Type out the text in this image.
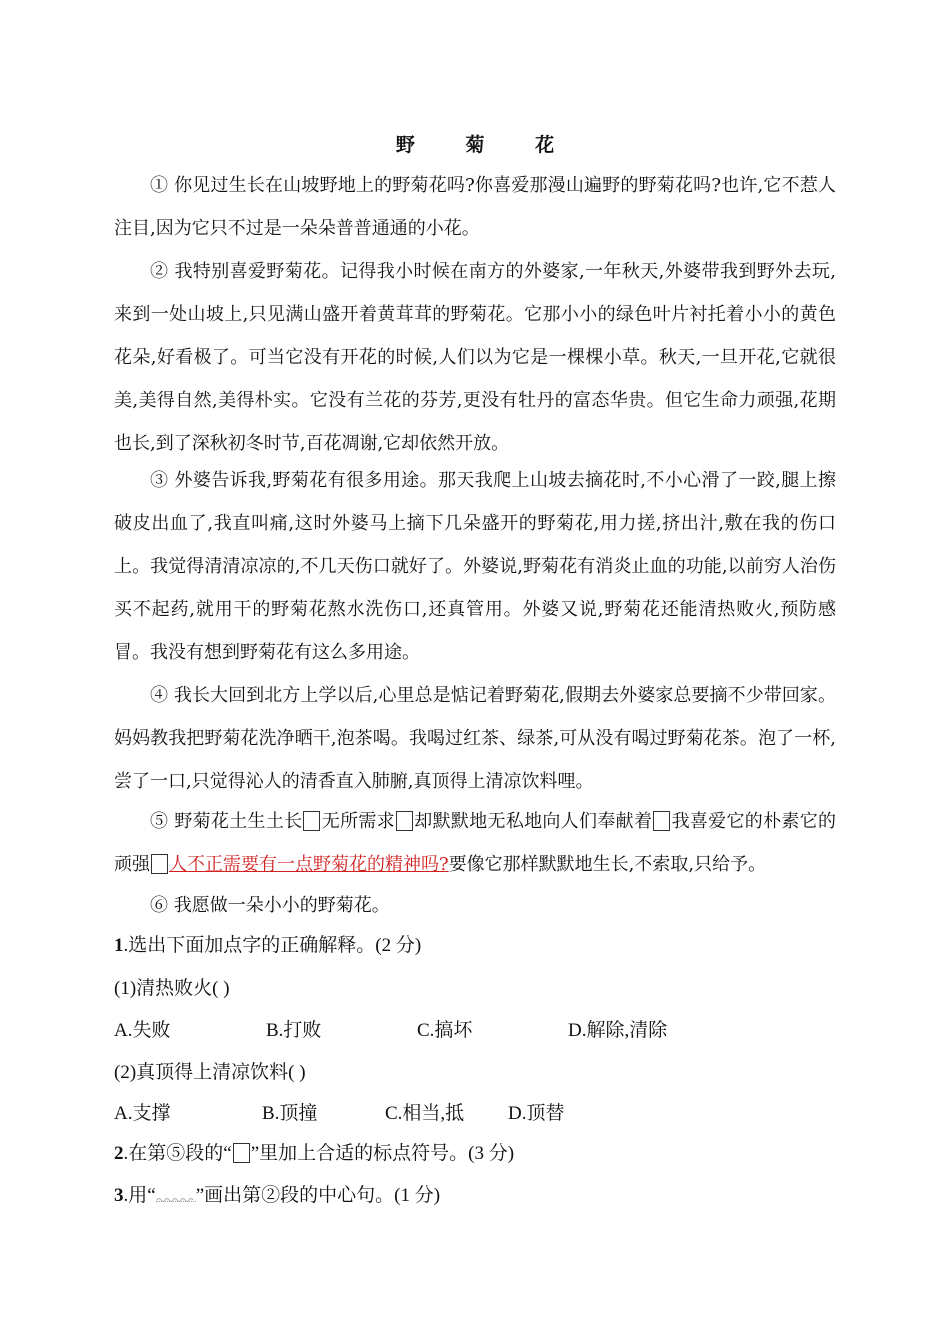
野 菊 花
① 你见过生长在山坡野地上的野菊花吗?你喜爱那漫山遍野的野菊花吗?也许,它不惹人注目,因为它只不过是一朵朵普普通通的小花。
② 我特别喜爱野菊花。记得我小时候在南方的外婆家,一年秋天,外婆带我到野外去玩,来到一处山坡上,只见满山盛开着黄茸茸的野菊花。它那小小的绿色叶片衬托着小小的黄色花朵,好看极了。可当它没有开花的时候,人们以为它是一棵棵小草。秋天,一旦开花,它就很美,美得自然,美得朴实。它没有兰花的芬芳,更没有牡丹的富态华贵。但它生命力顽强,花期也长,到了深秋初冬时节,百花凋谢,它却依然开放。
③ 外婆告诉我,野菊花有很多用途。那天我爬上山坡去摘花时,不小心滑了一跤,腿上擦破皮出血了,我直叫痛,这时外婆马上摘下几朵盛开的野菊花,用力搓,挤出汁,敷在我的伤口上。我觉得清清凉凉的,不几天伤口就好了。外婆说,野菊花有消炎止血的功能,以前穷人治伤买不起药,就用干的野菊花熬水洗伤口,还真管用。外婆又说,野菊花还能清热败火,预防感冒。我没有想到野菊花有这么多用途。
④ 我长大回到北方上学以后,心里总是惦记着野菊花,假期去外婆家总要摘不少带回家。妈妈教我把野菊花洗净晒干,泡茶喝。我喝过红茶、绿茶,可从没有喝过野菊花茶。泡了一杯,尝了一口,只觉得沁人的清香直入肺腑,真顶得上清凉饮料哩。
⑤ 野菊花土生土长 无所需求 却默默地无私地向人们奉献着 我喜爱它的朴素它的顽强 人不正需要有一点野菊花的精神吗?要像它那样默默地生长,不索取,只给予。
⑥ 我愿做一朵小小的野菊花。
1.选出下面加点字的正确解释。(2 分)
(1)清热败火( )
A.失败	B.打败	C.搞坏	D.解除,清除
(2)真顶得上清凉饮料( )
A.支撑	B.顶撞	C.相当,抵 D.顶替
2.在第⑤段的“ ”里加上合适的标点符号。(3 分)
3.用“ ”画出第②段的中心句。(1 分)
